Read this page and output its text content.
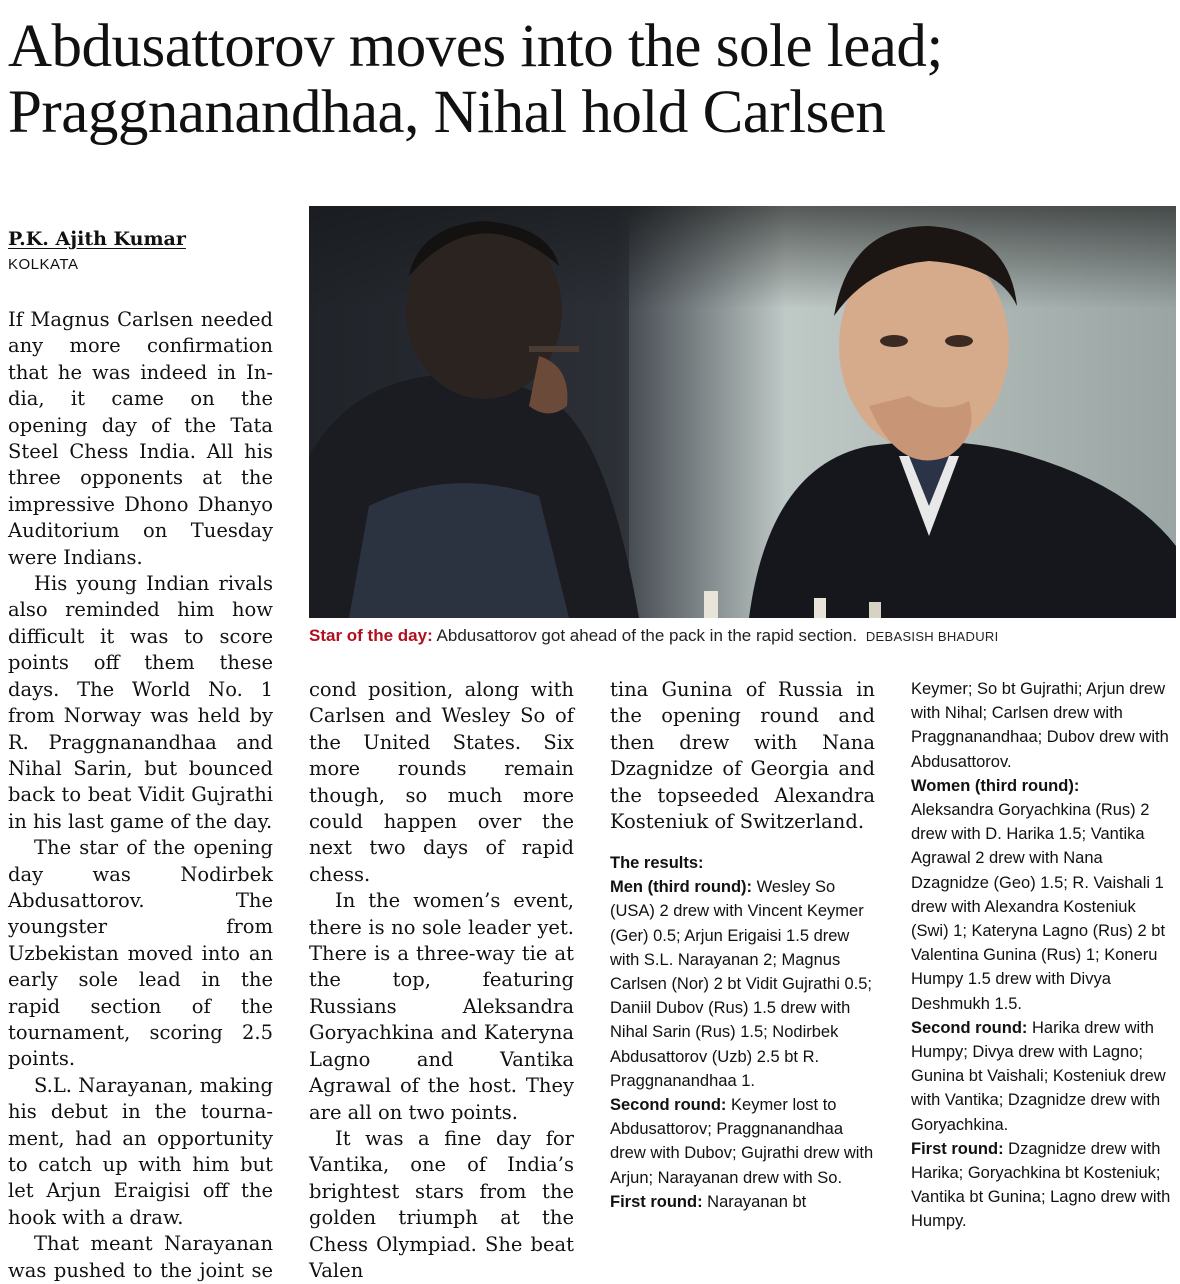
Abdusattorov moves into the sole lead;
Praggnanandhaa, Nihal hold Carlsen
P.K. Ajith Kumar
KOLKATA
Star of the day: Abdusattorov got ahead of the pack in the rapid section. DEBASISH BHADURI

If Magnus Carlsen needed any more confirmation that he was indeed in India, it came on the opening day of the Tata Steel Chess India. All his three opponents at the impressive Dhono Dhanyo Auditorium on Tuesday were Indians.

His young Indian rivals also reminded him how difficult it was to score points off them these days. The World No. 1 from Norway was held by R. Praggnanandhaa and Nihal Sarin, but bounced back to beat Vidit Gujrathi in his last game of the day.

The star of the opening day was Nodirbek Abdusattorov. The youngster from Uzbekistan moved into an early sole lead in the rapid section of the tournament, scoring 2.5 points.

S.L. Narayanan, making his debut in the tournament, had an opportunity to catch up with him but let Arjun Eraigisi off the hook with a draw.

That meant Narayanan was pushed to the joint se

cond position, along with Carlsen and Wesley So of the United States. Six more rounds remain though, so much more could happen over the next two days of rapid chess.

In the women’s event, there is no sole leader yet. There is a three-way tie at the top, featuring Russians Aleksandra Goryachkina and Kateryna Lagno and Vantika Agrawal of the host. They are all on two points.

It was a fine day for Vantika, one of India’s brightest stars from the golden triumph at the Chess Olympiad. She beat Valen

tina Gunina of Russia in the opening round and then drew with Nana Dzagnidze of Georgia and the topseeded Alexandra Kosteniuk of Switzerland.

The results:
Men (third round): Wesley So (USA) 2 drew with Vincent Keymer (Ger) 0.5; Arjun Erigaisi 1.5 drew with S.L. Narayanan 2; Magnus Carlsen (Nor) 2 bt Vidit Gujrathi 0.5; Daniil Dubov (Rus) 1.5 drew with Nihal Sarin (Rus) 1.5; Nodirbek Abdusattorov (Uzb) 2.5 bt R. Praggnanandhaa 1.
Second round: Keymer lost to Abdusattorov; Praggnanandhaa drew with Dubov; Gujrathi drew with Arjun; Narayanan drew with So.
First round: Narayanan bt
Keymer; So bt Gujrathi; Arjun drew with Nihal; Carlsen drew with Praggnanandhaa; Dubov drew with Abdusattorov.
Women (third round):
Aleksandra Goryachkina (Rus) 2 drew with D. Harika 1.5; Vantika Agrawal 2 drew with Nana Dzagnidze (Geo) 1.5; R. Vaishali 1 drew with Alexandra Kosteniuk (Swi) 1; Kateryna Lagno (Rus) 2 bt Valentina Gunina (Rus) 1; Koneru Humpy 1.5 drew with Divya Deshmukh 1.5.
Second round: Harika drew with Humpy; Divya drew with Lagno; Gunina bt Vaishali; Kosteniuk drew with Vantika; Dzagnidze drew with Goryachkina.
First round: Dzagnidze drew with Harika; Goryachkina bt Kosteniuk; Vantika bt Gunina; Lagno drew with Humpy.
